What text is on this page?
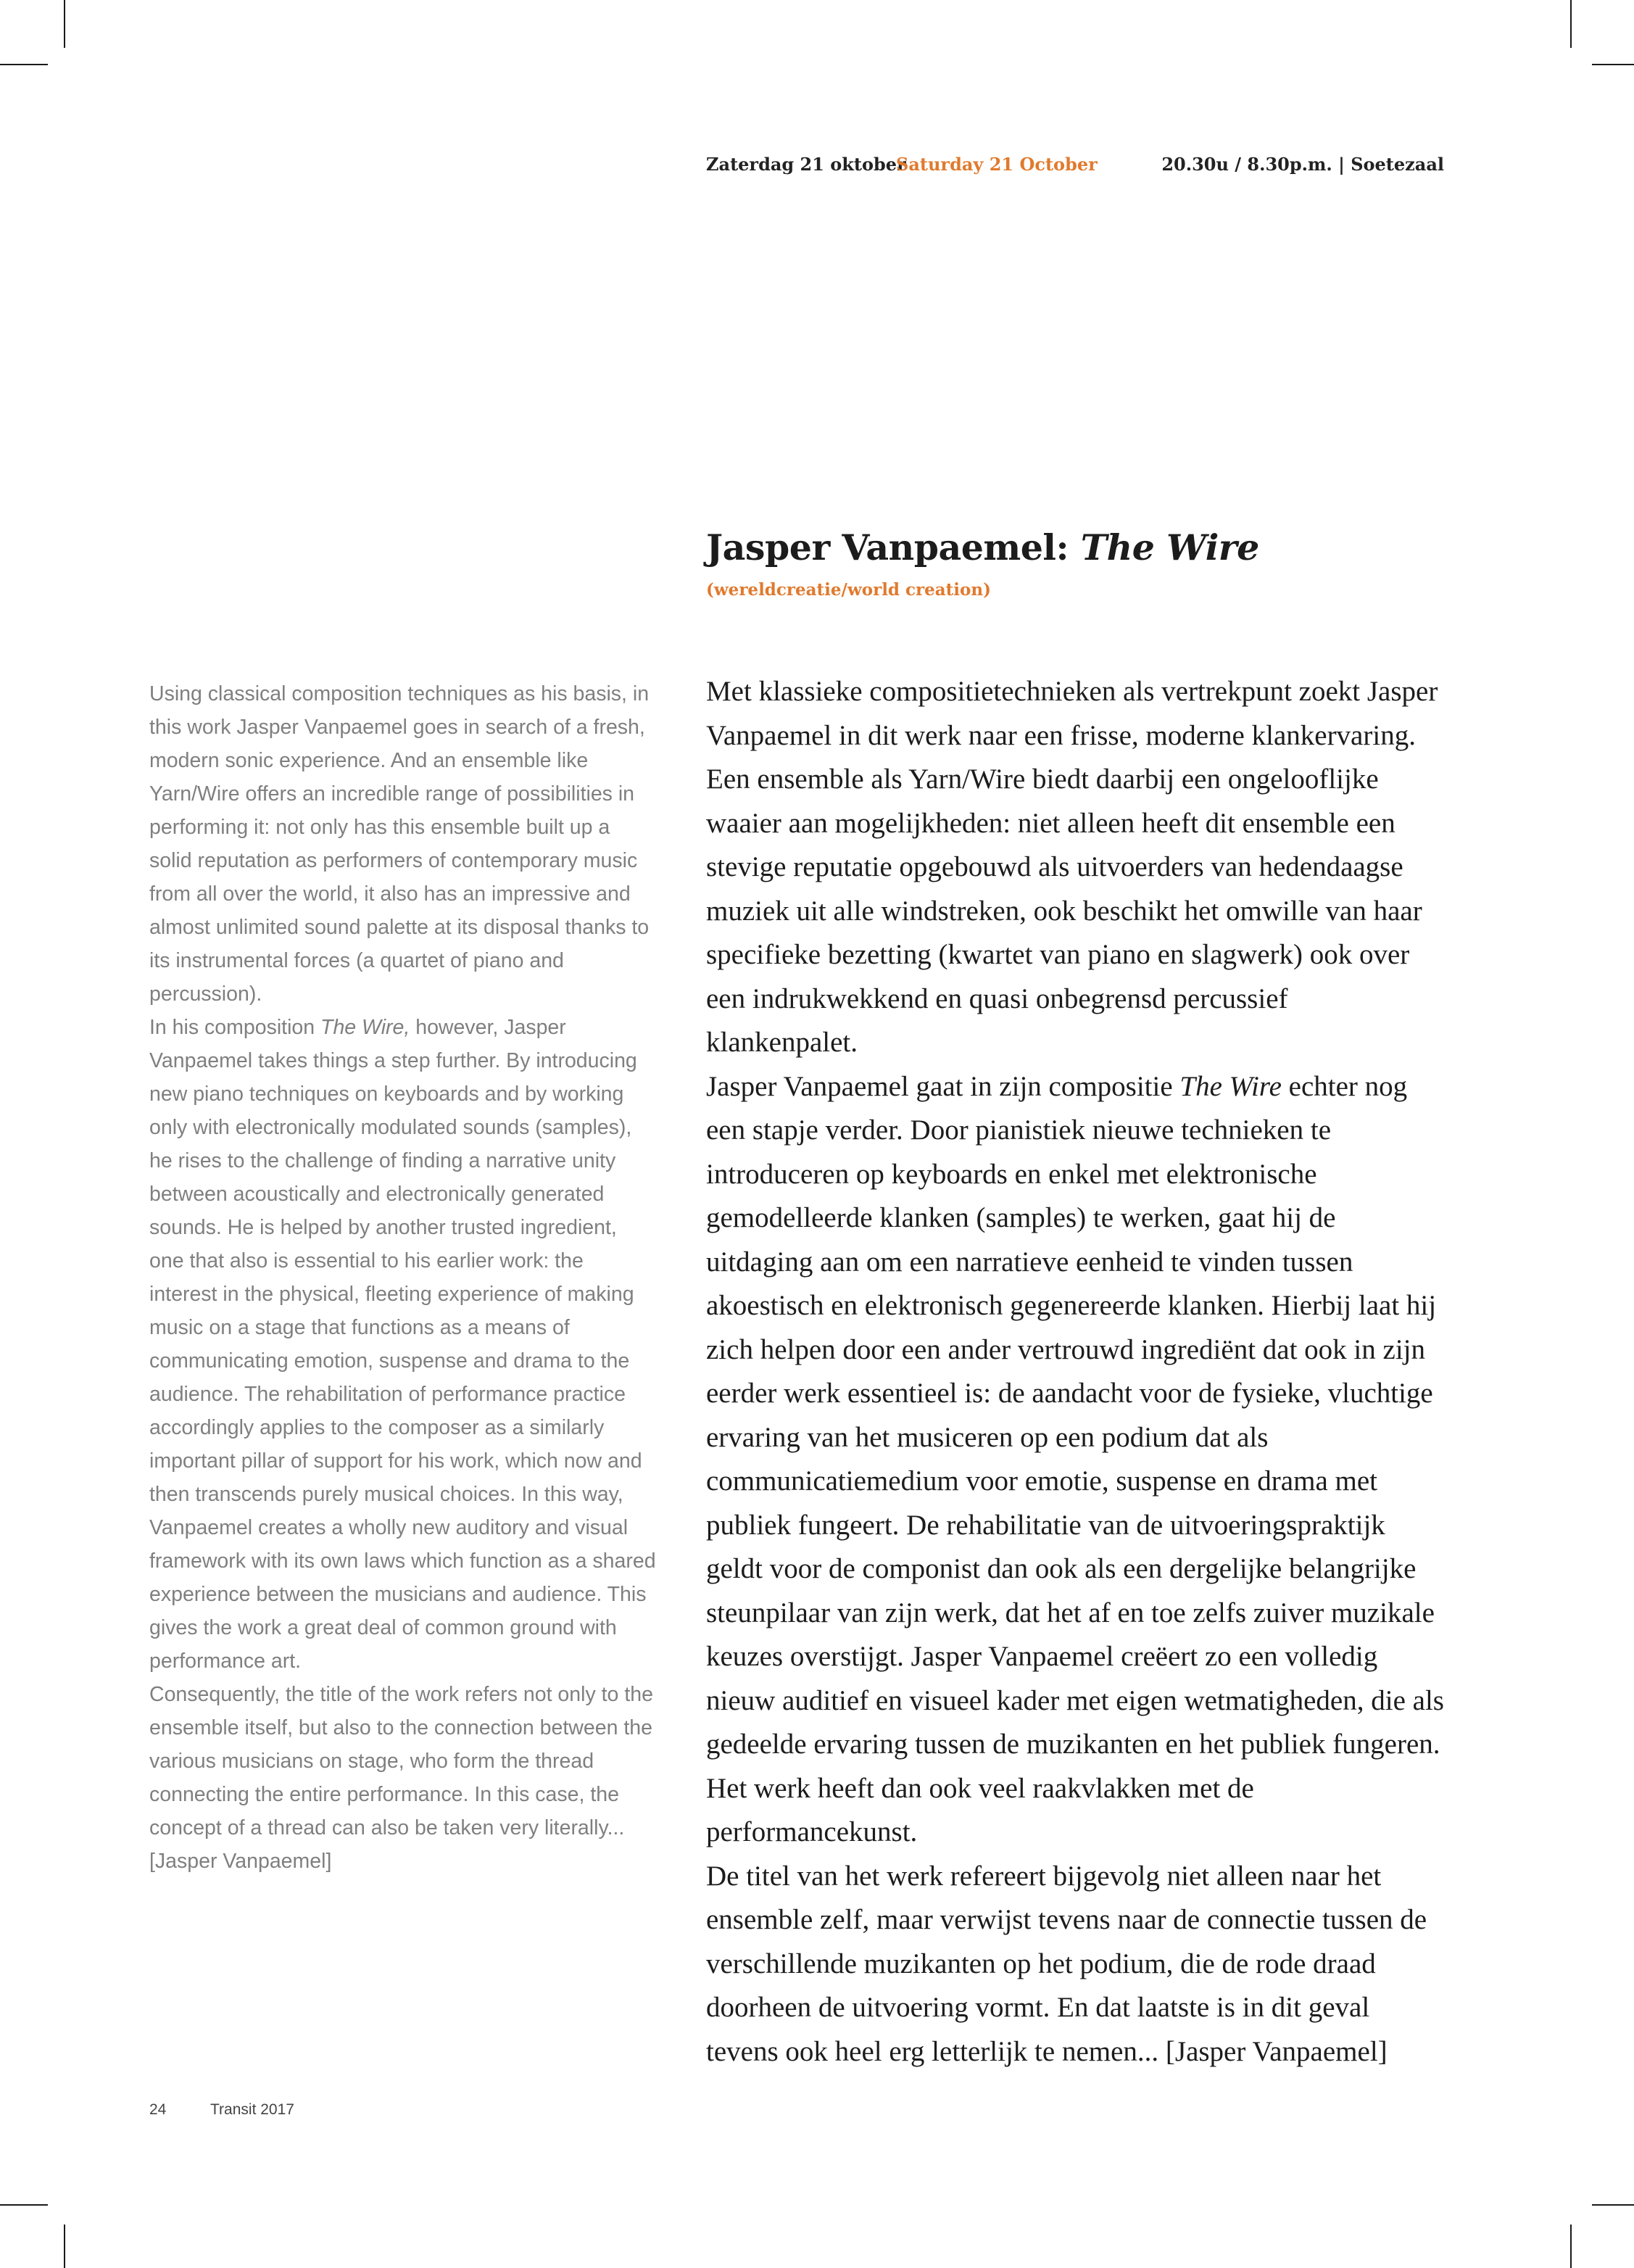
Zaterdag 21 oktober
Saturday 21 October	20.30u / 8.30p.m. | Soetezaal
Jasper Vanpaemel: The Wire
(wereldcreatie/world creation)

Using classical composition techniques as his basis, in this work Jasper Vanpaemel goes in search of a fresh, modern sonic experience. And an ensemble like Yarn/Wire offers an incredible range of possibilities in performing it: not only has this ensemble built up a solid reputation as performers of contemporary music from all over the world, it also has an impressive and almost unlimited sound palette at its disposal thanks to its instrumental forces (a quartet of piano and percussion).

In his composition The Wire, however, Jasper Vanpaemel takes things a step further. By introducing new piano techniques on keyboards and by working only with electronically modulated sounds (samples), he rises to the challenge of finding a narrative unity between acoustically and electronically generated sounds. He is helped by another trusted ingredient, one that also is essential to his earlier work: the interest in the physical, fleeting experience of making music on a stage that functions as a means of communicating emotion, suspense and drama to the audience. The rehabilitation of performance practice accordingly applies to the composer as a similarly important pillar of support for his work, which now and then transcends purely musical choices. In this way, Vanpaemel creates a wholly new auditory and visual framework with its own laws which function as a shared experience between the musicians and audience. This gives the work a great deal of common ground with performance art.

Consequently, the title of the work refers not only to the ensemble itself, but also to the connection between the various musicians on stage, who form the thread connecting the entire performance. In this case, the concept of a thread can also be taken very literally... [Jasper Vanpaemel]

Met klassieke compositietechnieken als vertrekpunt zoekt Jasper Vanpaemel in dit werk naar een frisse, moderne klankervaring. Een ensemble als Yarn/Wire biedt daarbij een ongelooflijke waaier aan mogelijkheden: niet alleen heeft dit ensemble een stevige reputatie opgebouwd als uitvoerders van hedendaagse muziek uit alle windstreken, ook beschikt het omwille van haar specifieke bezetting (kwartet van piano en slagwerk) ook over een indrukwekkend en quasi onbegrensd percussief klankenpalet.

Jasper Vanpaemel gaat in zijn compositie The Wire echter nog een stapje verder. Door pianistiek nieuwe technieken te introduceren op keyboards en enkel met elektronische gemodelleerde klanken (samples) te werken, gaat hij de uitdaging aan om een narratieve eenheid te vinden tussen akoestisch en elektronisch gegenereerde klanken. Hierbij laat hij zich helpen door een ander vertrouwd ingrediënt dat ook in zijn eerder werk essentieel is: de aandacht voor de fysieke, vluchtige ervaring van het musiceren op een podium dat als communicatiemedium voor emotie, suspense en drama met publiek fungeert. De rehabilitatie van de uitvoeringspraktijk geldt voor de componist dan ook als een dergelijke belangrijke steunpilaar van zijn werk, dat het af en toe zelfs zuiver muzikale keuzes overstijgt. Jasper Vanpaemel creëert zo een volledig nieuw auditief en visueel kader met eigen wetmatigheden, die als gedeelde ervaring tussen de muzikanten en het publiek fungeren. Het werk heeft dan ook veel raakvlakken met de performancekunst.

De titel van het werk refereert bijgevolg niet alleen naar het ensemble zelf, maar verwijst tevens naar de connectie tussen de verschillende muzikanten op het podium, die de rode draad doorheen de uitvoering vormt. En dat laatste is in dit geval tevens ook heel erg letterlijk te nemen... [Jasper Vanpaemel]

24	Transit 2017
